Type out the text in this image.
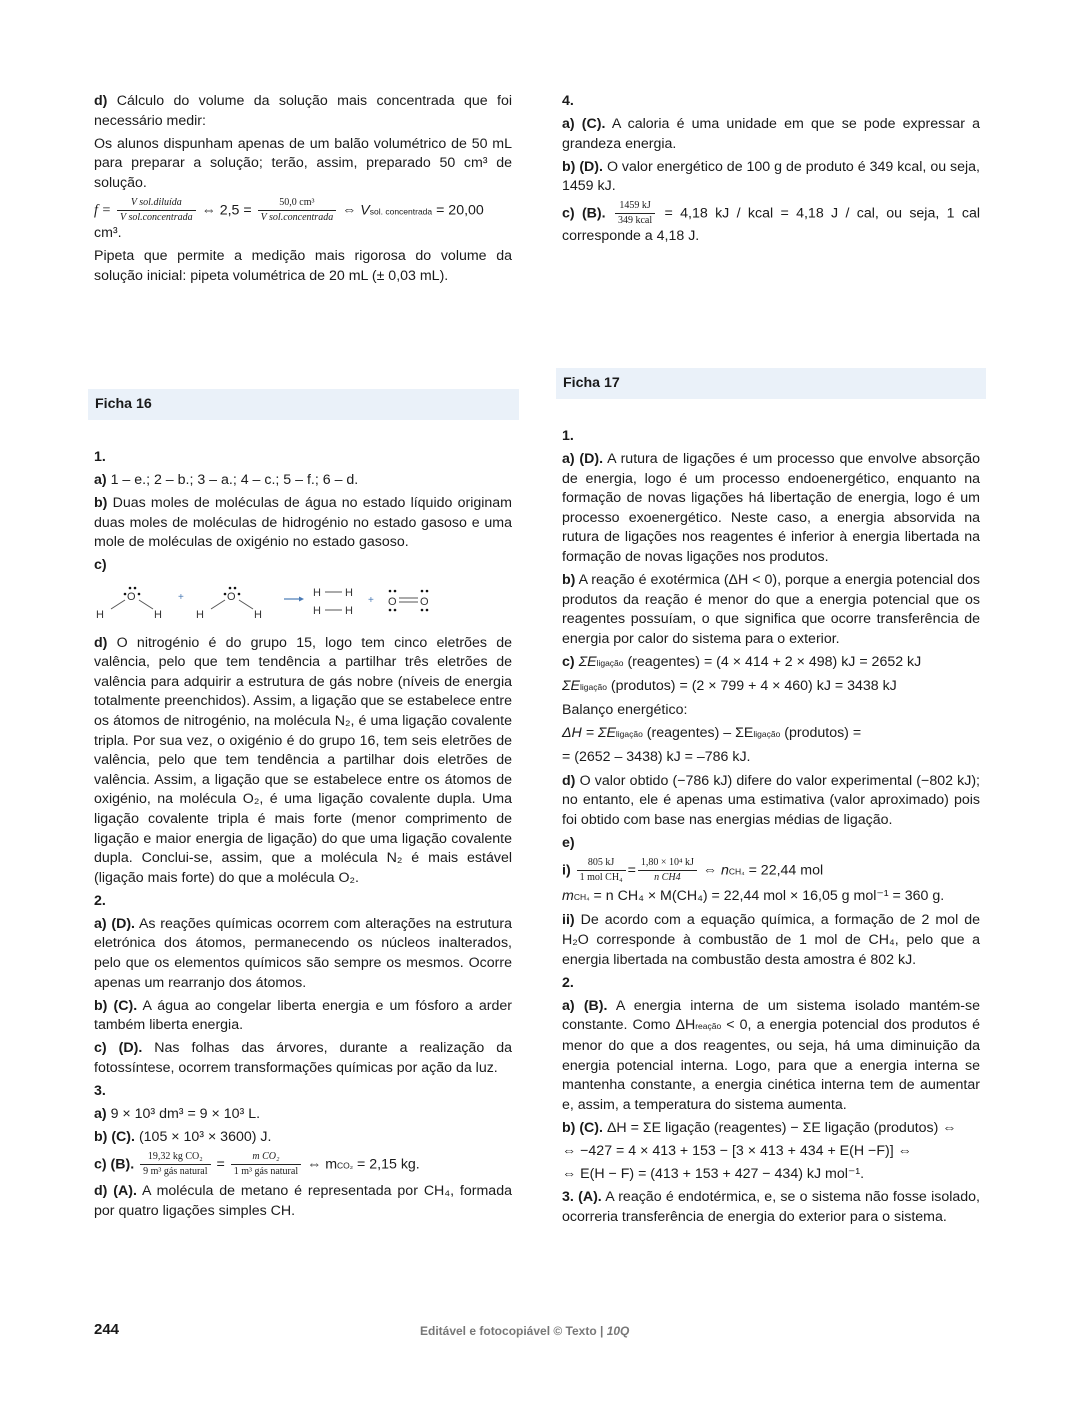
d) Cálculo do volume da solução mais concentrada que foi necessário medir:

Os alunos dispunham apenas de um balão volumétrico de 50 mL para preparar a solução; terão, assim, preparado 50 cm³ de solução.

$f = \frac{\text{V sol.diluída}}{\text{V sol.concentrada}}$ ⇔ $2,5 = \frac{\text{50,0 cm³}}{\text{V sol.concentrada}}$ ⇔ Vsol. concentrada = 20,00 cm³.

Pipeta que permite a medição mais rigorosa do volume da solução inicial: pipeta volumétrica de 20 mL (± 0,03 mL).

4.

a) (C). A caloria é uma unidade em que se pode expressar a grandeza energia.

b) (D). O valor energético de 100 g de produto é 349 kcal, ou seja, 1459 kJ.

c) (B). $\frac{1459 kJ}{\text{349 kcal}} = 4,18$ kJ / kcal = 4,18 J / cal, ou seja, 1 cal corresponde a 4,18 J.

Ficha 16

1.

a) 1 – e.; 2 – b.; 3 – a.; 4 – c.; 5 – f.; 6 – d.

b) Duas moles de moléculas de água no estado líquido originam duas moles de moléculas de hidrogénio no estado gasoso e uma mole de moléculas de oxigénio no estado gasoso.

c)

O
H	H
+	O
H	H
H H
H H
+ O O

d) O nitrogénio é do grupo 15, logo tem cinco eletrões de valência, pelo que tem tendência a partilhar três eletrões de valência para adquirir a estrutura de gás nobre (níveis de energia totalmente preenchidos). Assim, a ligação que se estabelece entre os átomos de nitrogénio, na molécula N₂, é uma ligação covalente tripla. Por sua vez, o oxigénio é do grupo 16, tem seis eletrões de valência, pelo que tem tendência a partilhar dois eletrões de valência. Assim, a ligação que se estabelece entre os átomos de oxigénio, na molécula O₂, é uma ligação covalente dupla. Uma ligação covalente tripla é mais forte (menor comprimento de ligação e maior energia de ligação) do que uma ligação covalente dupla. Conclui-se, assim, que a molécula N₂ é mais estável (ligação mais forte) do que a molécula O₂.

2.

a) (D). As reações químicas ocorrem com alterações na estrutura eletrónica dos átomos, permanecendo os núcleos inalterados, pelo que os elementos químicos são sempre os mesmos. Ocorre apenas um rearranjo dos átomos.

b) (C). A água ao congelar liberta energia e um fósforo a arder também liberta energia.

c) (D). Nas folhas das árvores, durante a realização da fotossíntese, ocorrem transformações químicas por ação da luz.

3.

a) 9 × 10³ dm³ = 9 × 10³ L.

b) (C). (105 × 10³ × 3600) J.

c) (B). $\frac{\text{19,32 kg CO₂}}{\text{9 m³ gás natural}} = \frac{\text{m CO₂}}{\text{1 m³ gás natural}}$ ⇔ mCO₂ = 2,15 kg.

d) (A). A molécula de metano é representada por CH₄, formada por quatro ligações simples CH.

Ficha 17

1.

a) (D). A rutura de ligações é um processo que envolve absorção de energia, logo é um processo endoenergético, enquanto na formação de novas ligações há libertação de energia, logo é um processo exoenergético. Neste caso, a energia absorvida na rutura de ligações nos reagentes é inferior à energia libertada na formação de novas ligações nos produtos.

b) A reação é exotérmica (ΔH < 0), porque a energia potencial dos produtos da reação é menor do que a energia potencial que os reagentes possuíam, o que significa que ocorre transferência de energia por calor do sistema para o exterior.

c) ΣEligação (reagentes) = (4 × 414 + 2 × 498) kJ = 2652 kJ

ΣEligação (produtos) = (2 × 799 + 4 × 460) kJ = 3438 kJ

Balanço energético:

ΔH = ΣEligação (reagentes) – ΣEligação (produtos) =

= (2652 – 3438) kJ = –786 kJ.

d) O valor obtido (−786 kJ) difere do valor experimental (−802 kJ); no entanto, ele é apenas uma estimativa (valor aproximado) pois foi obtido com base nas energias médias de ligação.

e)

$i) \frac{805 kJ}{\text{1 mol CH₄}} = \frac{\text{1,80 × 10⁴ kJ}}{\text{n CH4}}$ ⇔ nCH₄ = 22,44 mol

mCH₄ = n CH₄ × M(CH₄) = 22,44 mol × 16,05 g mol⁻¹ = 360 g.

ii) De acordo com a equação química, a formação de 2 mol de H₂O corresponde à combustão de 1 mol de CH₄, pelo que a energia libertada na combustão desta amostra é 802 kJ.

2.

a) (B). A energia interna de um sistema isolado mantém-se constante. Como ΔHreação < 0, a energia potencial dos produtos é menor do que a dos reagentes, ou seja, há uma diminuição da energia potencial interna. Logo, para que a energia interna se mantenha constante, a energia cinética interna tem de aumentar e, assim, a temperatura do sistema aumenta.

b) (C). ΔH = ΣE ligação (reagentes) − ΣE ligação (produtos) ⇔

⇔ −427 = 4 × 413 + 153 − [3 × 413 + 434 + E(H −F)] ⇔

⇔ E(H − F) = (413 + 153 + 427 − 434) kJ mol⁻¹.

3. (A). A reação é endotérmica, e, se o sistema não fosse isolado, ocorreria transferência de energia do exterior para o sistema.

244	Editável e fotocopiável © Texto | 10Q
